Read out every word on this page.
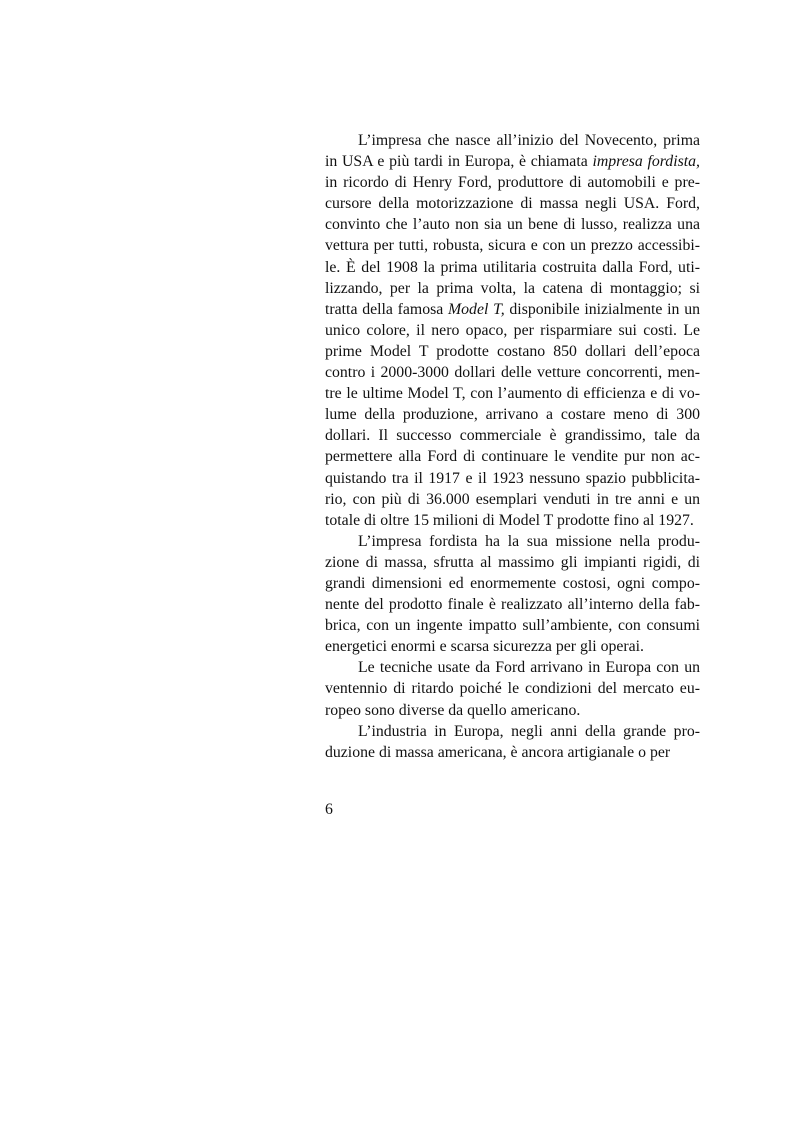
L’impresa che nasce all’inizio del Novecento, prima in USA e più tardi in Europa, è chiamata impresa fordista, in ricordo di Henry Ford, produttore di automobili e precursore della motorizzazione di massa negli USA. Ford, convinto che l’auto non sia un bene di lusso, realizza una vettura per tutti, robusta, sicura e con un prezzo accessibile. È del 1908 la prima utilitaria costruita dalla Ford, utilizzando, per la prima volta, la catena di montaggio; si tratta della famosa Model T, disponibile inizialmente in un unico colore, il nero opaco, per risparmiare sui costi. Le prime Model T prodotte costano 850 dollari dell’epoca contro i 2000-3000 dollari delle vetture concorrenti, mentre le ultime Model T, con l’aumento di efficienza e di volume della produzione, arrivano a costare meno di 300 dollari. Il successo commerciale è grandissimo, tale da permettere alla Ford di continuare le vendite pur non acquistando tra il 1917 e il 1923 nessuno spazio pubblicitario, con più di 36.000 esemplari venduti in tre anni e un totale di oltre 15 milioni di Model T prodotte fino al 1927.

L’impresa fordista ha la sua missione nella produzione di massa, sfrutta al massimo gli impianti rigidi, di grandi dimensioni ed enormemente costosi, ogni componente del prodotto finale è realizzato all’interno della fabbrica, con un ingente impatto sull’ambiente, con consumi energetici enormi e scarsa sicurezza per gli operai.

Le tecniche usate da Ford arrivano in Europa con un ventennio di ritardo poiché le condizioni del mercato europeo sono diverse da quello americano.

L’industria in Europa, negli anni della grande produzione di massa americana, è ancora artigianale o per

6
